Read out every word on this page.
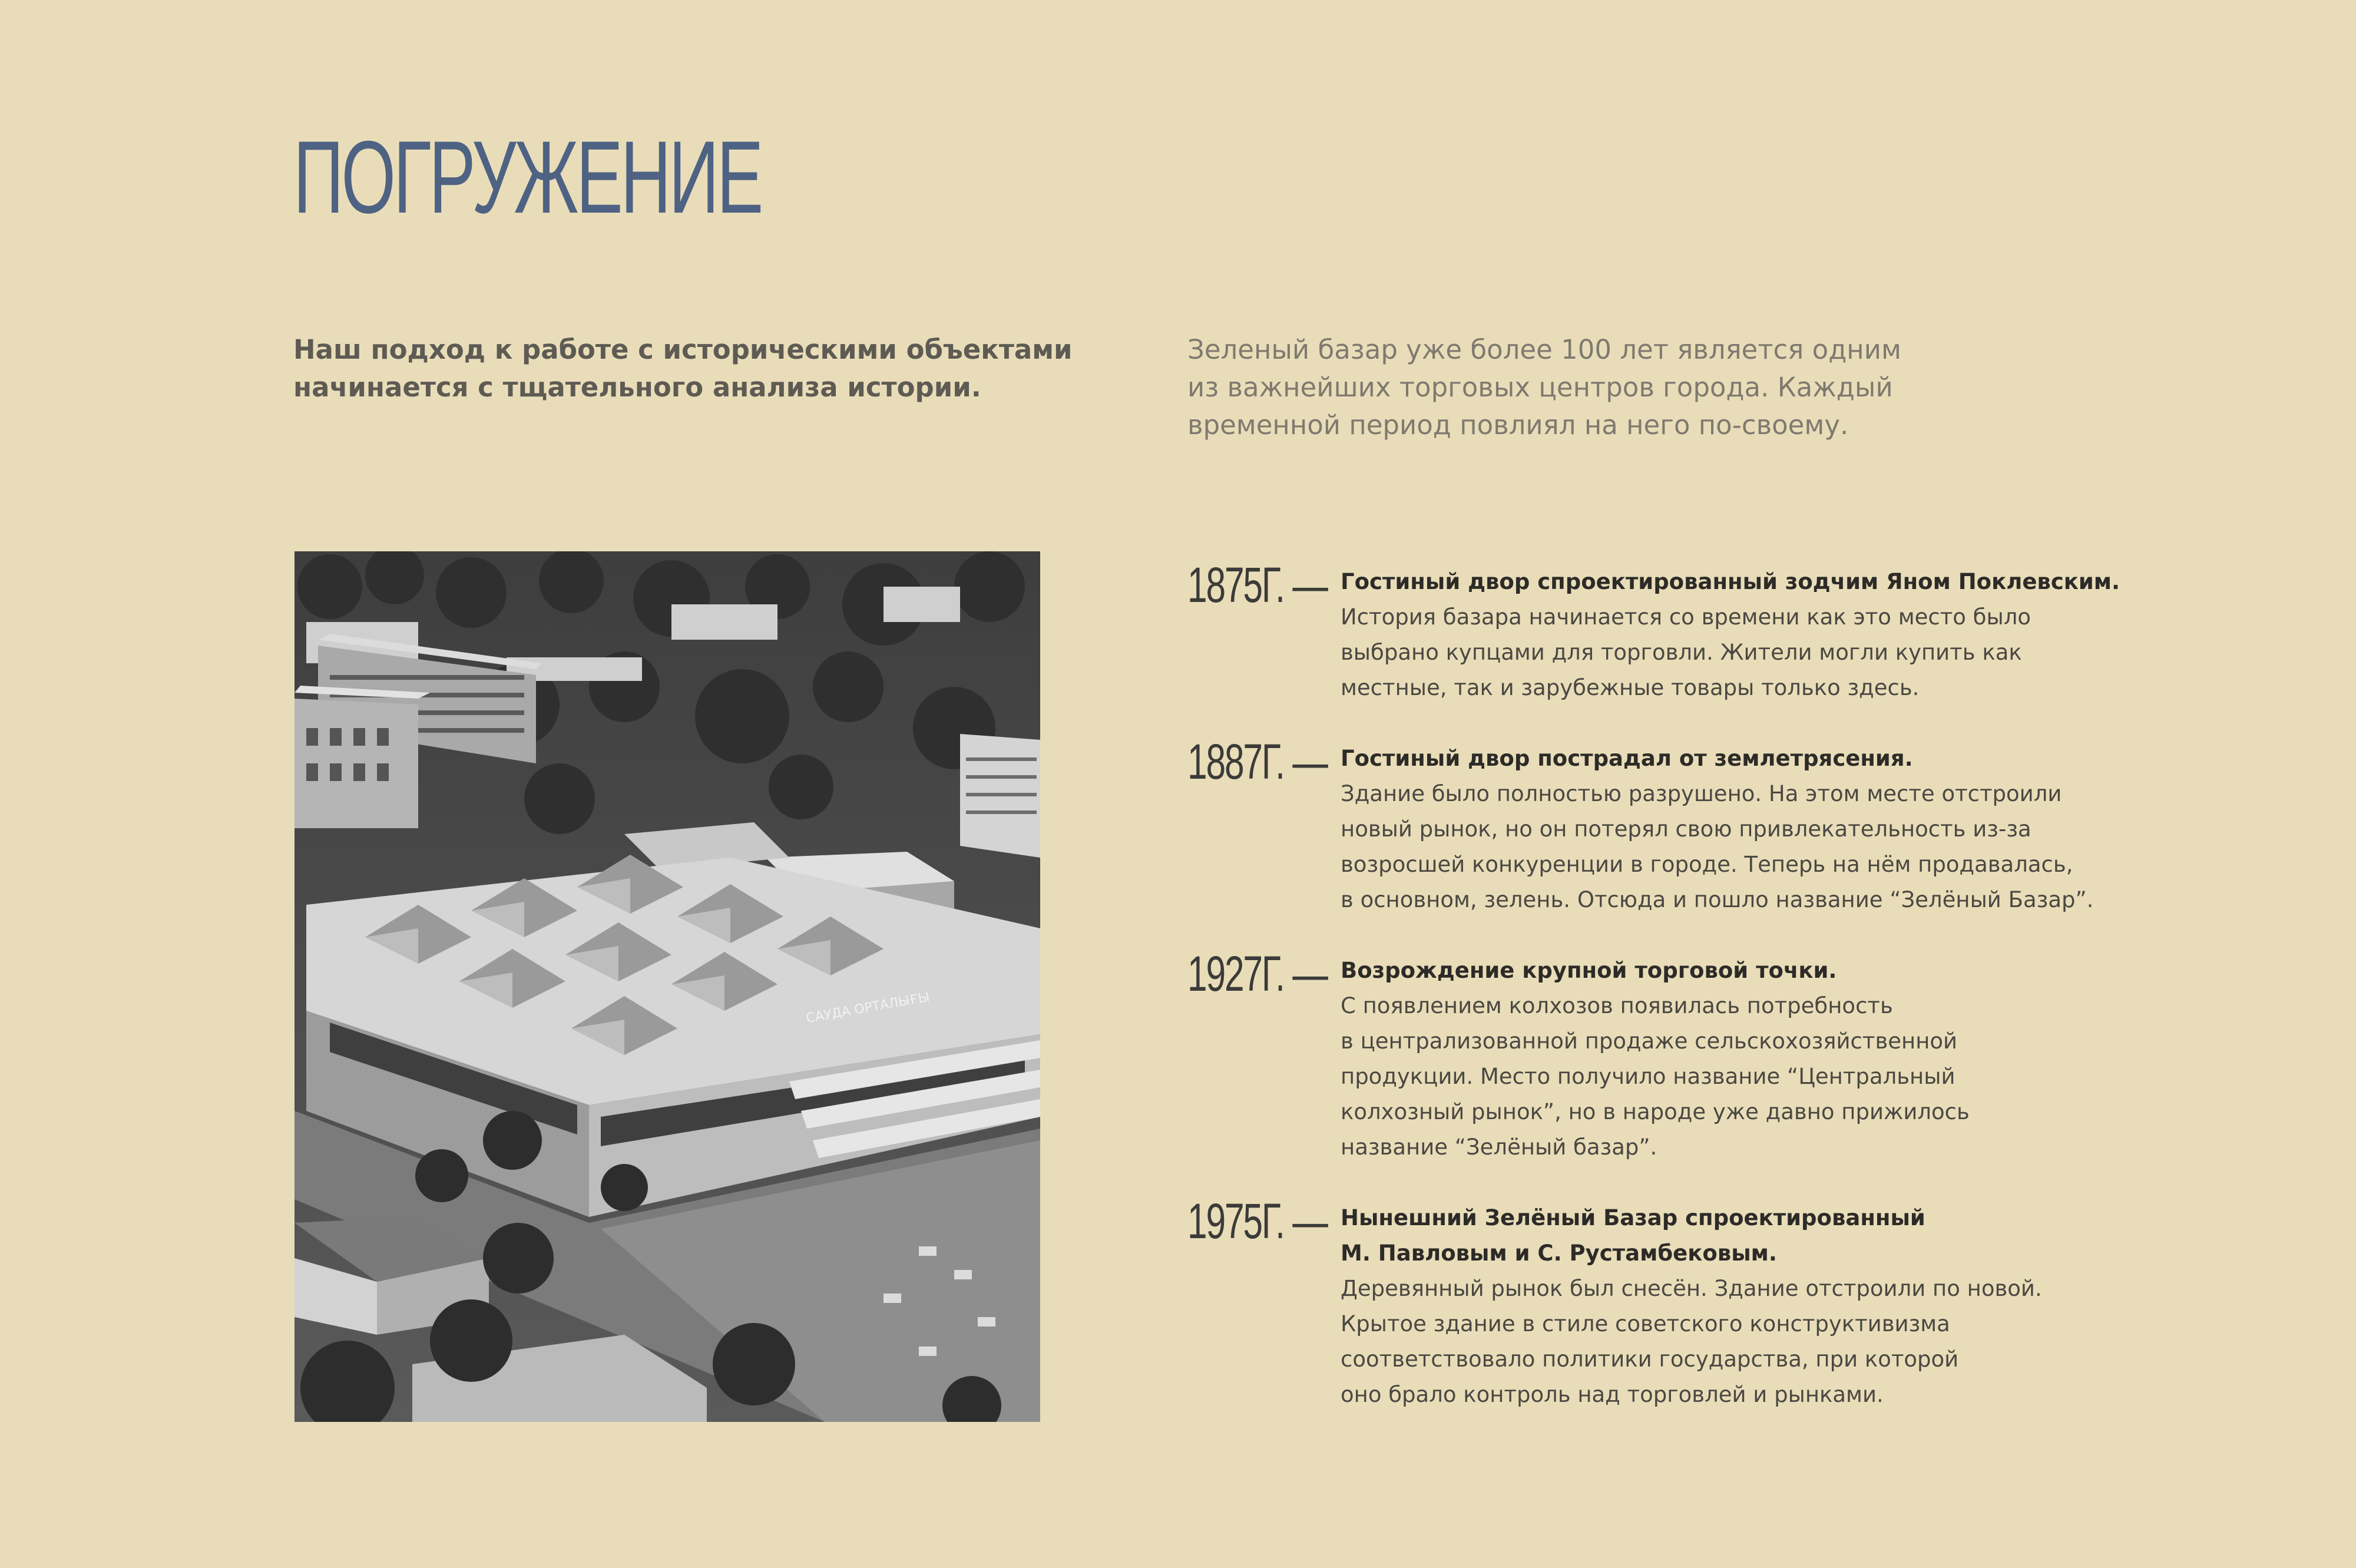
ПОГРУЖЕНИЕ

Наш подход к работе с историческими объектами
начинается с тщательного анализа истории.

Зеленый базар уже более 100 лет является одним
из важнейших торговых центров города. Каждый
временной период повлиял на него по-своему.

САУДА ОРТАЛЫҒЫ
1875Г. — Гостиный двор спроектированный зодчим Яном Поклевским.
История базара начинается со времени как это место было
выбрано купцами для торговли. Жители могли купить как
местные, так и зарубежные товары только здесь.
1887Г. — Гостиный двор пострадал от землетрясения.
Здание было полностью разрушено. На этом месте отстроили
новый рынок, но он потерял свою привлекательность из-за
возросшей конкуренции в городе. Теперь на нём продавалась,
в основном, зелень. Отсюда и пошло название “Зелёный Базар”.
1927Г. — Возрождение крупной торговой точки.
С появлением колхозов появилась потребность
в централизованной продаже сельскохозяйственной
продукции. Место получило название “Центральный
колхозный рынок”, но в народе уже давно прижилось
название “Зелёный базар”.
1975Г. — Нынешний Зелёный Базар спроектированный
М. Павловым и С. Рустамбековым.
Деревянный рынок был снесён. Здание отстроили по новой.
Крытое здание в стиле советского конструктивизма
соответствовало политики государства, при которой
оно брало контроль над торговлей и рынками.
